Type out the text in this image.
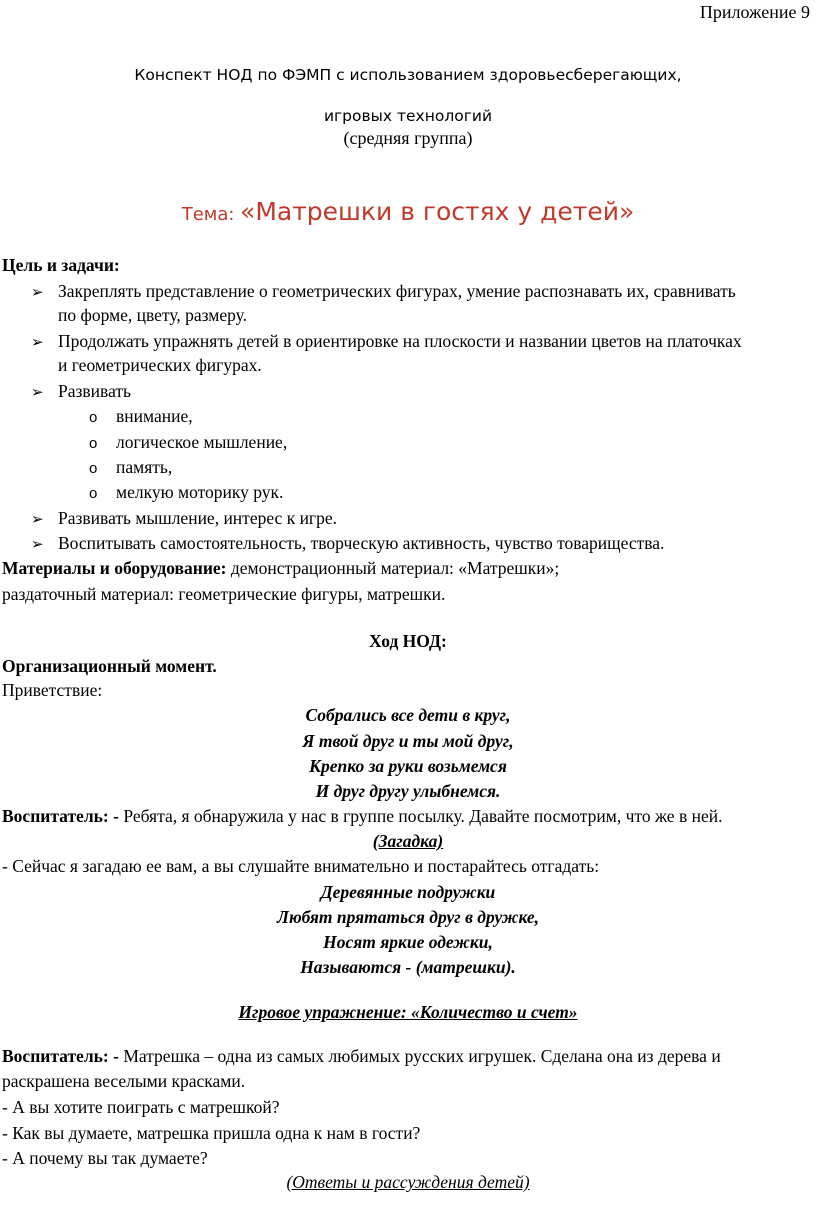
Приложение 9
Конспект НОД по ФЭМП с использованием здоровьесберегающих,
игровых технологий
(средняя группа)
Тема: «Матрешки в гостях у детей»
Цель и задачи:
➢ Закреплять представление о геометрических фигурах, умение распознавать их, сравнивать
по форме, цвету, размеру.
➢ Продолжать упражнять детей в ориентировке на плоскости и названии цветов на платочках
и геометрических фигурах.
➢ Развивать
o внимание,
o логическое мышление,
o память,
o мелкую моторику рук.
➢ Развивать мышление, интерес к игре.
➢ Воспитывать самостоятельность, творческую активность, чувство товарищества.
Материалы и оборудование: демонстрационный материал: «Матрешки»;
раздаточный материал: геометрические фигуры, матрешки.
Ход НОД:
Организационный момент.
Приветствие:
Собрались все дети в круг,
Я твой друг и ты мой друг,
Крепко за руки возьмемся
И друг другу улыбнемся.
Воспитатель: - Ребята, я обнаружила у нас в группе посылку. Давайте посмотрим, что же в ней.
(Загадка)
- Сейчас я загадаю ее вам, а вы слушайте внимательно и постарайтесь отгадать:
Деревянные подружки
Любят прятаться друг в дружке,
Носят яркие одежки,
Называются - (матрешки).
Игровое упражнение: «Количество и счет»
Воспитатель: - Матрешка – одна из самых любимых русских игрушек. Сделана она из дерева и
раскрашена веселыми красками.
- А вы хотите поиграть с матрешкой?
- Как вы думаете, матрешка пришла одна к нам в гости?
- А почему вы так думаете?
(Ответы и рассуждения детей)
